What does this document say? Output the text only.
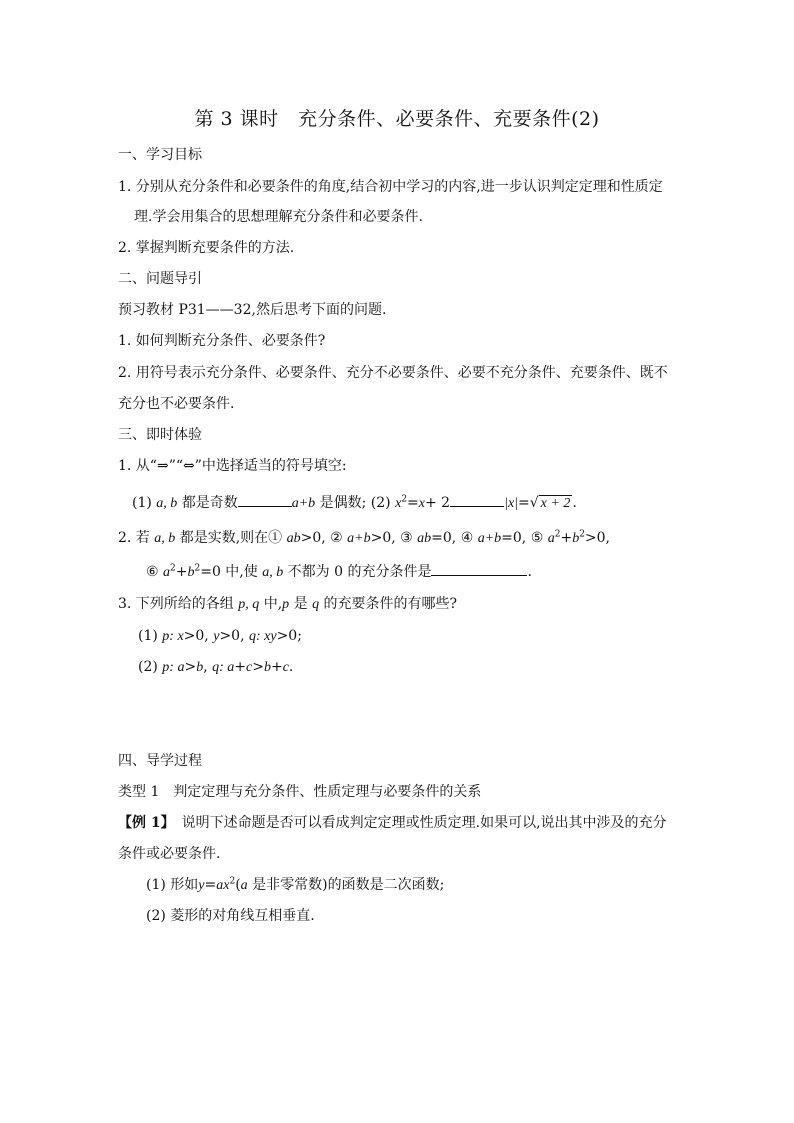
第 3 课时　充分条件、必要条件、充要条件(2)
一、学习目标
1. 分别从充分条件和必要条件的角度,结合初中学习的内容,进一步认识判定定理和性质定
理.学会用集合的思想理解充分条件和必要条件.
2. 掌握判断充要条件的方法.
二、问题导引
预习教材 P31——32,然后思考下面的问题.
1. 如何判断充分条件、必要条件?
2. 用符号表示充分条件、必要条件、充分不必要条件、必要不充分条件、充要条件、既不
充分也不必要条件.
三、即时体验
1. 从“⇒”“⇔”中选择适当的符号填空:
(1) a, b 都是奇数	a+b 是偶数; (2) $x^2=x+ 2$	|x|=√ x + 2 .
2. 若 a, b 都是实数,则在① ab>0, ② a+b>0, ③ ab=0, ④ a+b=0, ⑤ $a^2+b^2>0$,
⑥ $a^2+b^2=0$ 中,使 a, b 不都为 0 的充分条件是	.
3. 下列所给的各组 p, q 中,p 是 q 的充要条件的有哪些?
(1) p: x>0, y>0, q: xy>0;
(2) p: a>b, q: a+c>b+c.
四、导学过程
类型 1　判定定理与充分条件、性质定理与必要条件的关系
【例 1】　说明下述命题是否可以看成判定定理或性质定理.如果可以,说出其中涉及的充分
条件或必要条件.
(1) 形如$y=ax^2(a$ 是非零常数)的函数是二次函数;
(2) 菱形的对角线互相垂直.
